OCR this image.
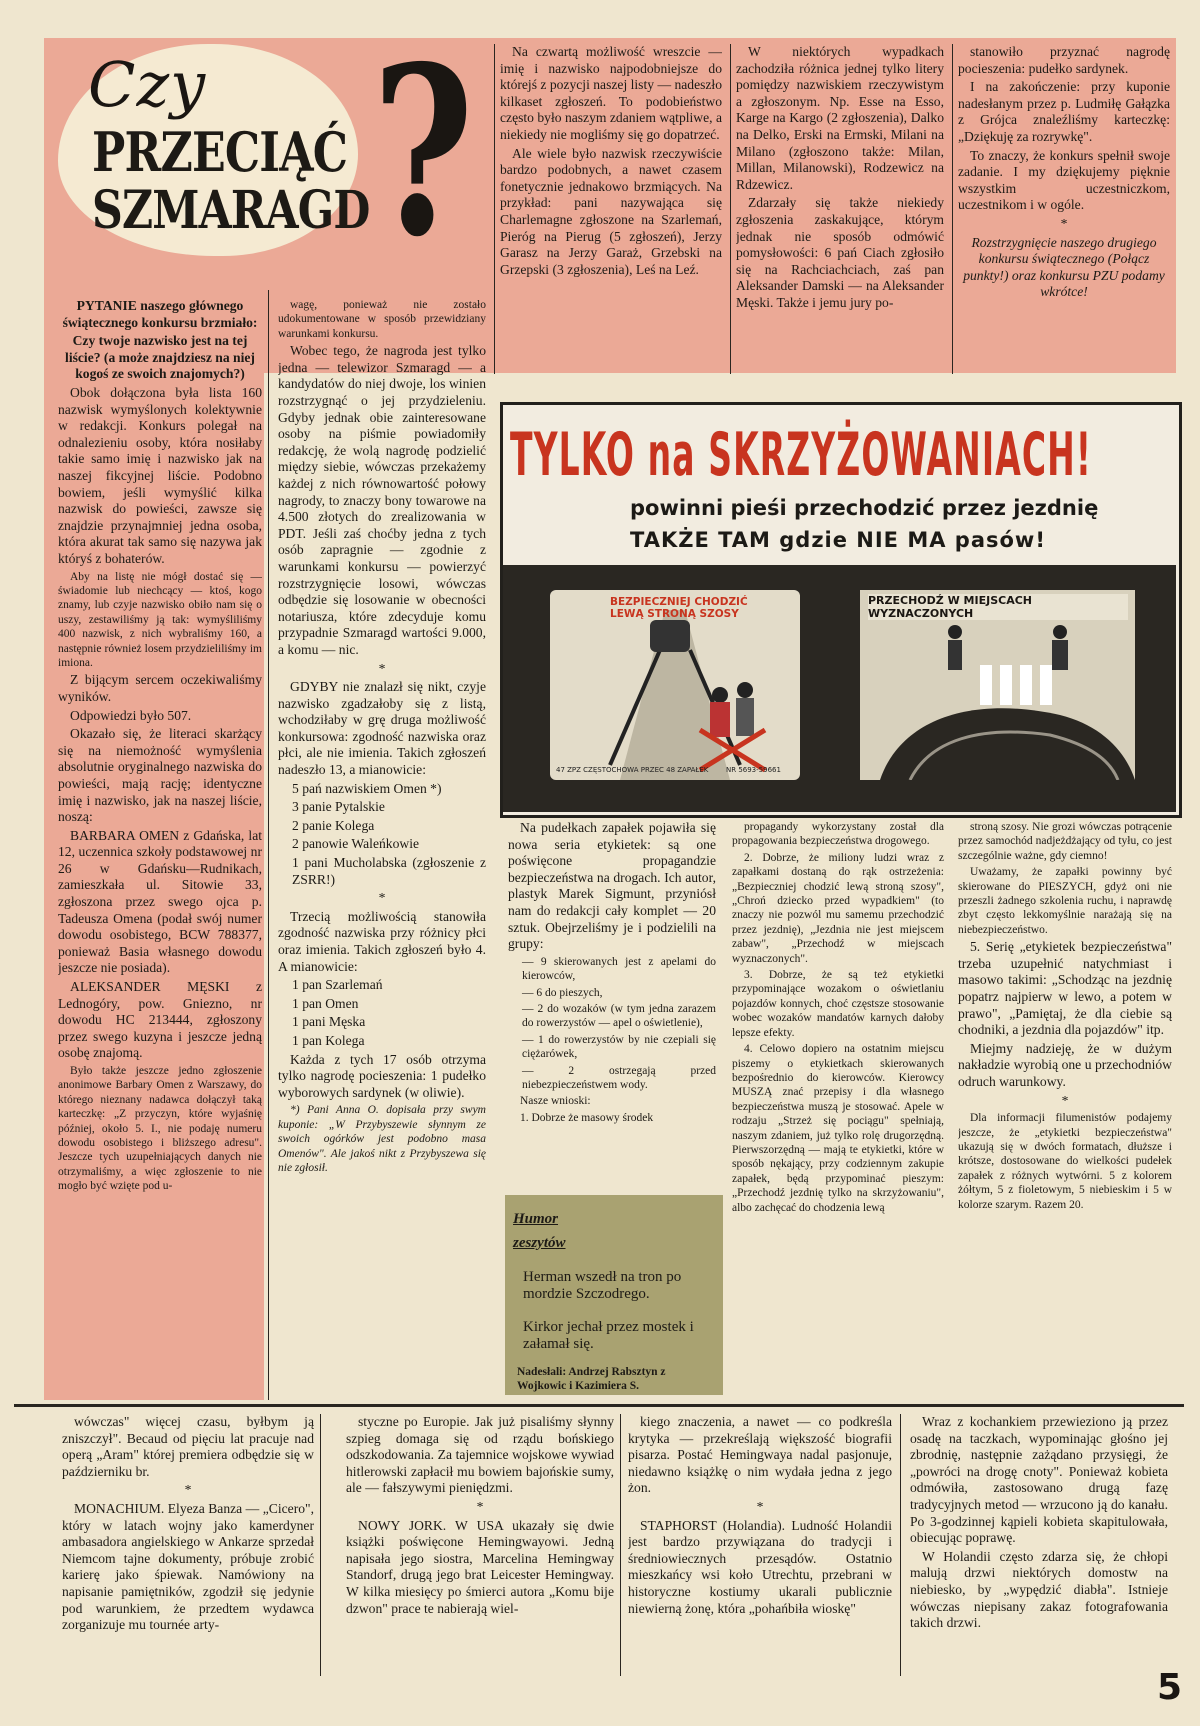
Czy
PRZECIĄĆ
SZMARAGD ?

PYTANIE naszego głównego świątecznego konkursu brzmiało:

Czy twoje nazwisko jest na tej liście? (a może znajdziesz na niej kogoś ze swoich znajomych?)

Obok dołączona była lista 160 nazwisk wymyślonych kolektywnie w redakcji. Konkurs polegał na odnalezieniu osoby, która nosiłaby takie samo imię i nazwisko jak na naszej fikcyjnej liście. Podobno bowiem, jeśli wymyślić kilka nazwisk do powieści, zawsze się znajdzie przynajmniej jedna osoba, która akurat tak samo się nazywa jak któryś z bohaterów.

Aby na listę nie mógł dostać się — świadomie lub niechcący — ktoś, kogo znamy, lub czyje nazwisko obiło nam się o uszy, zestawiliśmy ją tak: wymyśliliśmy 400 nazwisk, z nich wybraliśmy 160, a następnie również losem przydzieliliśmy im imiona.

Z bijącym sercem oczekiwaliśmy wyników.

Odpowiedzi było 507.

Okazało się, że literaci skarżący się na niemożność wymyślenia absolutnie oryginalnego nazwiska do powieści, mają rację; identyczne imię i nazwisko, jak na naszej liście, noszą:

BARBARA OMEN z Gdańska, lat 12, uczennica szkoły podstawowej nr 26 w Gdańsku—Rudnikach, zamieszkała ul. Sitowie 33, zgłoszona przez swego ojca p. Tadeusza Omena (podał swój numer dowodu osobistego, BCW 788377, ponieważ Basia własnego dowodu jeszcze nie posiada).

ALEKSANDER MĘSKI z Lednogóry, pow. Gniezno, nr dowodu HC 213444, zgłoszony przez swego kuzyna i jeszcze jedną osobę znajomą.

Było także jeszcze jedno zgłoszenie anonimowe Barbary Omen z Warszawy, do którego nieznany nadawca dołączył taką karteczkę: „Z przyczyn, które wyjaśnię później, około 5. I., nie podaję numeru dowodu osobistego i bliższego adresu". Jeszcze tych uzupełniających danych nie otrzymaliśmy, a więc zgłoszenie to nie mogło być wzięte pod u-

wagę, ponieważ nie zostało udokumentowane w sposób przewidziany warunkami konkursu.

Wobec tego, że nagroda jest tylko jedna — telewizor Szmaragd — a kandydatów do niej dwoje, los winien rozstrzygnąć o jej przydzieleniu. Gdyby jednak obie zainteresowane osoby na piśmie powiadomiły redakcję, że wolą nagrodę podzielić między siebie, wówczas przekażemy każdej z nich równowartość połowy nagrody, to znaczy bony towarowe na 4.500 złotych do zrealizowania w PDT. Jeśli zaś choćby jedna z tych osób zapragnie — zgodnie z warunkami konkursu — powierzyć rozstrzygnięcie losowi, wówczas odbędzie się losowanie w obecności notariusza, które zdecyduje komu przypadnie Szmaragd wartości 9.000, a komu — nic.

*

GDYBY nie znalazł się nikt, czyje nazwisko zgadzałoby się z listą, wchodziłaby w grę druga możliwość konkursowa: zgodność nazwiska oraz płci, ale nie imienia. Takich zgłoszeń nadeszło 13, a mianowicie:

5 pań nazwiskiem Omen *)

3 panie Pytalskie

2 panie Kolega

2 panowie Waleńkowie

1 pani Mucholabska (zgłoszenie z ZSRR!)

*

Trzecią możliwością stanowiła zgodność nazwiska przy różnicy płci oraz imienia. Takich zgłoszeń było 4. A mianowicie:

1 pan Szarlemań

1 pan Omen

1 pani Męska

1 pan Kolega

Każda z tych 17 osób otrzyma tylko nagrodę pocieszenia: 1 pudełko wyborowych sardynek (w oliwie).

*) Pani Anna O. dopisała przy swym kuponie: „W Przybyszewie słynnym ze swoich ogórków jest podobno masa Omenów". Ale jakoś nikt z Przybyszewa się nie zgłosił.

Na czwartą możliwość wreszcie — imię i nazwisko najpodobniejsze do którejś z pozycji naszej listy — nadeszło kilkaset zgłoszeń. To podobieństwo często było naszym zdaniem wątpliwe, a niekiedy nie mogliśmy się go dopatrzeć.

Ale wiele było nazwisk rzeczywiście bardzo podobnych, a nawet czasem fonetycznie jednakowo brzmiących. Na przykład: pani nazywająca się Charlemagne zgłoszone na Szarlemań, Pieróg na Pierug (5 zgłoszeń), Jerzy Garasz na Jerzy Garaż, Grzebski na Grzepski (3 zgłoszenia), Leś na Leź.

W niektórych wypadkach zachodziła różnica jednej tylko litery pomiędzy nazwiskiem rzeczywistym a zgłoszonym. Np. Esse na Esso, Karge na Kargo (2 zgłoszenia), Dalko na Delko, Erski na Ermski, Milani na Milano (zgłoszono także: Milan, Millan, Milanowski), Rodzewicz na Rdzewicz.

Zdarzały się także niekiedy zgłoszenia zaskakujące, którym jednak nie sposób odmówić pomysłowości: 6 pań Ciach zgłosiło się na Rachciachciach, zaś pan Aleksander Damski — na Aleksander Męski. Także i jemu jury po-

stanowiło przyznać nagrodę pocieszenia: pudełko sardynek.

I na zakończenie: przy kuponie nadesłanym przez p. Ludmiłę Gałązka z Grójca znaleźliśmy karteczkę: „Dziękuję za rozrywkę".

To znaczy, że konkurs spełnił swoje zadanie. I my dziękujemy pięknie wszystkim uczestniczkom, uczestnikom i w ogóle.

*

Rozstrzygnięcie naszego drugiego konkursu świątecznego (Połącz punkty!) oraz konkursu PZU podamy wkrótce!

TYLKO na SKRZYŻOWANIACH!
powinni pieśi przechodzić przez jezdnię
TAKŻE TAM gdzie NIE MA pasów!
BEZPIECZNIEJ CHODZIĆ LEWĄ STRONĄ SZOSY
47 ZPZ CZĘSTOCHOWA PRZEC 48 ZAPAŁEK	NR 5693-59661
PRZECHODŹ W MIEJSCACH WYZNACZONYCH

Na pudełkach zapałek pojawiła się nowa seria etykietek: są one poświęcone propagandzie bezpieczeństwa na drogach. Ich autor, plastyk Marek Sigmunt, przyniósł nam do redakcji cały komplet — 20 sztuk. Obejrzeliśmy je i podzielili na grupy:

— 9 skierowanych jest z apelami do kierowców,

— 6 do pieszych,

— 2 do wozaków (w tym jedna zarazem do rowerzystów — apel o oświetlenie),

— 1 do rowerzystów by nie czepiali się ciężarówek,

— 2 ostrzegają przed niebezpieczeństwem wody.

Nasze wnioski:

1. Dobrze że masowy środek

propagandy wykorzystany został dla propagowania bezpieczeństwa drogowego.

2. Dobrze, że miliony ludzi wraz z zapałkami dostaną do rąk ostrzeżenia: „Bezpieczniej chodzić lewą stroną szosy", „Chroń dziecko przed wypadkiem" (to znaczy nie pozwól mu samemu przechodzić przez jezdnię), „Jezdnia nie jest miejscem zabaw", „Przechodź w miejscach wyznaczonych".

3. Dobrze, że są też etykietki przypominające wozakom o oświetlaniu pojazdów konnych, choć częstsze stosowanie wobec wozaków mandatów karnych dałoby lepsze efekty.

4. Celowo dopiero na ostatnim miejscu piszemy o etykietkach skierowanych bezpośrednio do kierowców. Kierowcy MUSZĄ znać przepisy i dla własnego bezpieczeństwa muszą je stosować. Apele w rodzaju „Strzeż się pociągu" spełniają, naszym zdaniem, już tylko rolę drugorzędną. Pierwszorzędną — mają te etykietki, które w sposób nękający, przy codziennym zakupie zapałek, będą przypominać pieszym: „Przechodź jezdnię tylko na skrzyżowaniu", albo zachęcać do chodzenia lewą

stroną szosy. Nie grozi wówczas potrącenie przez samochód nadjeżdżający od tyłu, co jest szczególnie ważne, gdy ciemno!

Uważamy, że zapałki powinny być skierowane do PIESZYCH, gdyż oni nie przeszli żadnego szkolenia ruchu, i naprawdę zbyt często lekkomyślnie narażają się na niebezpieczeństwo.

5. Serię „etykietek bezpieczeństwa" trzeba uzupełnić natychmiast i masowo takimi: „Schodząc na jezdnię popatrz najpierw w lewo, a potem w prawo", „Pamiętaj, że dla ciebie są chodniki, a jezdnia dla pojazdów" itp.

Miejmy nadzieję, że w dużym nakładzie wyrobią one u przechodniów odruch warunkowy.

*

Dla informacji filumenistów podajemy jeszcze, że „etykietki bezpieczeństwa" ukazują się w dwóch formatach, dłuższe i krótsze, dostosowane do wielkości pudełek zapałek z różnych wytwórni. 5 z kolorem żółtym, 5 z fioletowym, 5 niebieskim i 5 w kolorze szarym. Razem 20.

Humor
zeszytów
Herman wszedł na tron po mordzie Szczodrego.
Kirkor jechał przez mostek i załamał się.
Nadesłali: Andrzej Rabsztyn z Wojkowic i Kazimiera S.

wówczas" więcej czasu, byłbym ją zniszczył". Becaud od pięciu lat pracuje nad operą „Aram" której premiera odbędzie się w październiku br.

*

MONACHIUM. Elyeza Banza — „Cicero", który w latach wojny jako kamerdyner ambasadora angielskiego w Ankarze sprzedał Niemcom tajne dokumenty, próbuje zrobić karierę jako śpiewak. Namówiony na napisanie pamiętników, zgodził się jedynie pod warunkiem, że przedtem wydawca zorganizuje mu tournée arty-

styczne po Europie. Jak już pisaliśmy słynny szpieg domaga się od rządu bońskiego odszkodowania. Za tajemnice wojskowe wywiad hitlerowski zapłacił mu bowiem bajońskie sumy, ale — fałszywymi pieniędzmi.

*

NOWY JORK. W USA ukazały się dwie książki poświęcone Hemingwayowi. Jedną napisała jego siostra, Marcelina Hemingway Standorf, drugą jego brat Leicester Hemingway. W kilka miesięcy po śmierci autora „Komu bije dzwon" prace te nabierają wiel-

kiego znaczenia, a nawet — co podkreśla krytyka — przekreślają większość biografii pisarza. Postać Hemingwaya nadal pasjonuje, niedawno książkę o nim wydała jedna z jego żon.

*

STAPHORST (Holandia). Ludność Holandii jest bardzo przywiązana do tradycji i średniowiecznych przesądów. Ostatnio mieszkańcy wsi koło Utrechtu, przebrani w historyczne kostiumy ukarali publicznie niewierną żonę, która „pohańbiła wioskę"

Wraz z kochankiem przewieziono ją przez osadę na taczkach, wypominając głośno jej zbrodnię, następnie zażądano przysięgi, że „powróci na drogę cnoty". Ponieważ kobieta odmówiła, zastosowano drugą fazę tradycyjnych metod — wrzucono ją do kanału. Po 3-godzinnej kąpieli kobieta skapitulowała, obiecując poprawę.

W Holandii często zdarza się, że chłopi malują drzwi niektórych domostw na niebiesko, by „wypędzić diabła". Istnieje wówczas niepisany zakaz fotografowania takich drzwi.

5
